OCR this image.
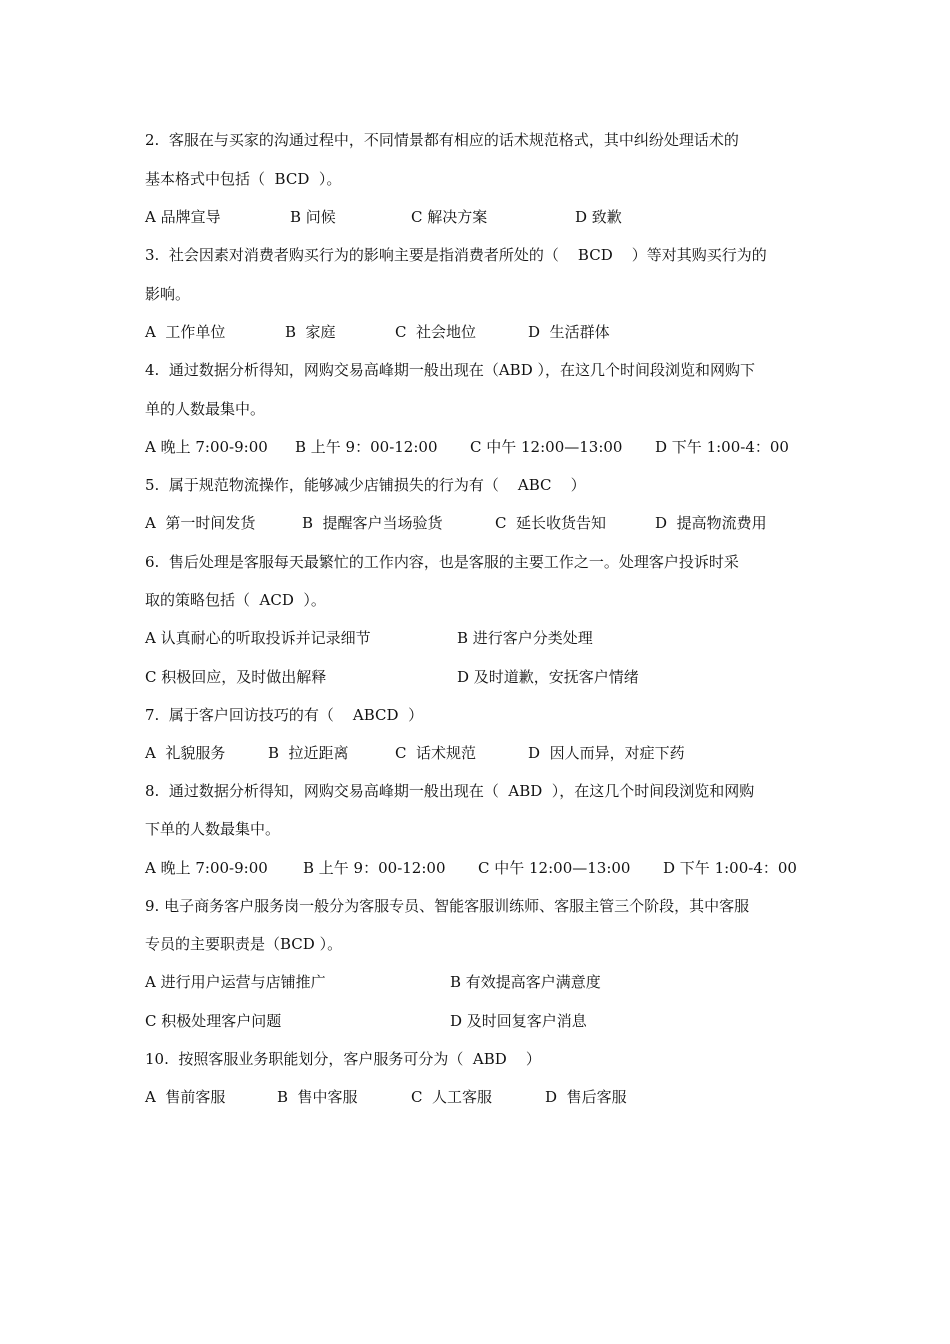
2.  客服在与买家的沟通过程中，不同情景都有相应的话术规范格式，其中纠纷处理话术的
基本格式中包括（  BCD  ）。
A 品牌宣导	B 问候	C 解决方案	D 致歉
3.  社会因素对消费者购买行为的影响主要是指消费者所处的（    BCD    ）等对其购买行为的
影响。
A  工作单位	B  家庭	C  社会地位	D  生活群体
4.  通过数据分析得知，网购交易高峰期一般出现在（ABD ），在这几个时间段浏览和网购下
单的人数最集中。
A 晚上 7:00-9:00 B 上午 9：00-12:00 C 中午 12:00—13:00 D 下午 1:00-4：00
5.  属于规范物流操作，能够减少店铺损失的行为有（    ABC    ）
A  第一时间发货	B  提醒客户当场验货	C  延长收货告知	D  提高物流费用
6.  售后处理是客服每天最繁忙的工作内容，也是客服的主要工作之一。处理客户投诉时采
取的策略包括（  ACD  ）。
A 认真耐心的听取投诉并记录细节	B 进行客户分类处理
C 积极回应，及时做出解释	D 及时道歉，安抚客户情绪
7.  属于客户回访技巧的有（    ABCD  ）
A  礼貌服务	B  拉近距离	C  话术规范	D  因人而异，对症下药
8.  通过数据分析得知，网购交易高峰期一般出现在（  ABD  ），在这几个时间段浏览和网购
下单的人数最集中。
A 晚上 7:00-9:00 B 上午 9：00-12:00 C 中午 12:00—13:00 D 下午 1:00-4：00
9. 电子商务客户服务岗一般分为客服专员、智能客服训练师、客服主管三个阶段，其中客服
专员的主要职责是（BCD ）。
A 进行用户运营与店铺推广	B 有效提高客户满意度
C 积极处理客户问题	D 及时回复客户消息
10.  按照客服业务职能划分，客户服务可分为（  ABD    ）
A  售前客服	B  售中客服	C  人工客服	D  售后客服
